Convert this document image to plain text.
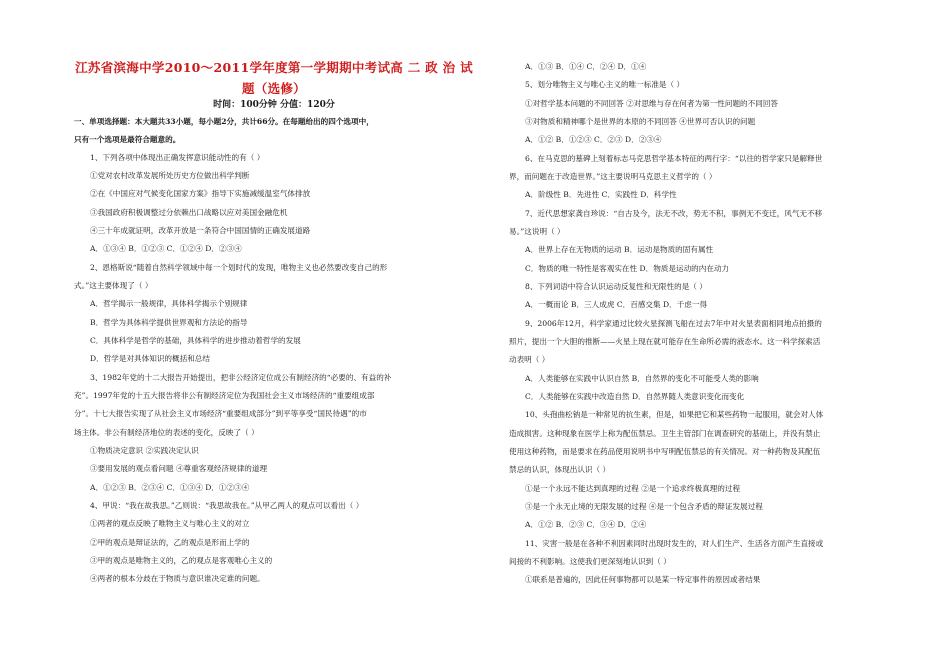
江苏省滨海中学2010～2011学年度第一学期期中考试高 二 政 治 试
题（选修）
时间：100分钟 分值：120分
一、单项选择题：本大题共33小题，每小题2分，共计66分。在每题给出的四个选项中，
只有一个选项是最符合题意的。
1、下列各项中体现出正确发挥意识能动性的有（ ）
①党对农村改革发展所处历史方位做出科学判断
②在《中国应对气候变化国家方案》指导下实施减缓温室气体排放
③我国政府积极调整过分依赖出口战略以应对美国金融危机
④三十年成就证明，改革开放是一条符合中国国情的正确发展道路
A．①③④ B．①②③ C．①②④ D．②③④
2、恩格斯说“随着自然科学领域中每一个划时代的发现，唯物主义也必然要改变自己的形
式。”这主要体现了（ ）
A．哲学揭示一般规律，具体科学揭示个别规律
B．哲学为具体科学提供世界观和方法论的指导
C．具体科学是哲学的基础，具体科学的进步推动着哲学的发展
D．哲学是对具体知识的概括和总结
3、1982年党的十二大报告开始提出，把非公经济定位成公有制经济的“必要的、有益的补
充”。1997年党的十五大报告将非公有制经济定位为我国社会主义市场经济的“重要组成部
分”。十七大报告实现了从社会主义市场经济“重要组成部分”到平等享受“国民待遇”的市
场主体。非公有制经济地位的表述的变化，反映了（ ）
①物质决定意识 ②实践决定认识
③要用发展的观点看问题 ④尊重客观经济规律的道理
A．①②③ B．②③④ C．①③④ D．①②③④
4、甲说：“我在故我思。”乙则说：“我思故我在。”从甲乙两人的观点可以看出（ ）
①两者的观点反映了唯物主义与唯心主义的对立
②甲的观点是辩证法的，乙的观点是形而上学的
③甲的观点是唯物主义的，乙的观点是客观唯心主义的
④两者的根本分歧在于物质与意识谁决定谁的问题。
A．①③ B．①④ C．②④ D．①④
5、划分唯物主义与唯心主义的唯一标准是（ ）
①对哲学基本问题的不同回答 ②对思维与存在何者为第一性问题的不同回答
③对物质和精神哪个是世界的本原的不同回答 ④世界可否认识的问题
A．①② B．①②③ C．②③ D．②③④
6、在马克思的墓碑上刻着标志马克思哲学基本特征的两行字：“以往的哲学家只是解释世
界，而问题在于改造世界。”这主要说明马克思主义哲学的（ ）
A．阶级性 B．先进性 C．实践性 D．科学性
7、近代思想家龚自珍说：“自古及今，法无不改，势无不积，事例无不变迁，风气无不移
易。”这说明（ ）
A．世界上存在无物质的运动 B．运动是物质的固有属性
C．物质的唯一特性是客观实在性 D．物质是运动的内在动力
8、下列词语中符合认识运动反复性和无限性的是（ ）
A．一概而论 B．三人成虎 C．百感交集 D．千虑一得
9、2006年12月，科学家通过比较火星探测飞船在过去7年中对火星表面相同地点拍摄的
照片，提出一个大胆的推断——火星上现在就可能存在生命所必需的液态水。这一科学探索活
动表明（ ）
A．人类能够在实践中认识自然 B．自然界的变化不可能受人类的影响
C．人类能够在实践中改造自然 D．自然界随人类意识变化而变化
10、头孢曲松钠是一种常见的抗生素，但是，如果把它和某些药物一起服用，就会对人体
造成损害。这种现象在医学上称为配伍禁忌。卫生主管部门在调查研究的基础上，并没有禁止
使用这种药物，而是要求在药品使用说明书中写明配伍禁忌的有关情况。对一种药物及其配伍
禁忌的认识，体现出认识（ ）
①是一个永远不能达到真理的过程 ②是一个追求终极真理的过程
③是一个永无止境的无限发展的过程 ④是一个包含矛盾的辩证发展过程
A．①② B．②③ C．③④ D．②④
11、灾害一般是在各种不利因素同时出现时发生的，对人们生产、生活各方面产生直接或
间接的不利影响。这使我们更深刻地认识到（ ）
①联系是普遍的，因此任何事物都可以是某一特定事件的原因或者结果
